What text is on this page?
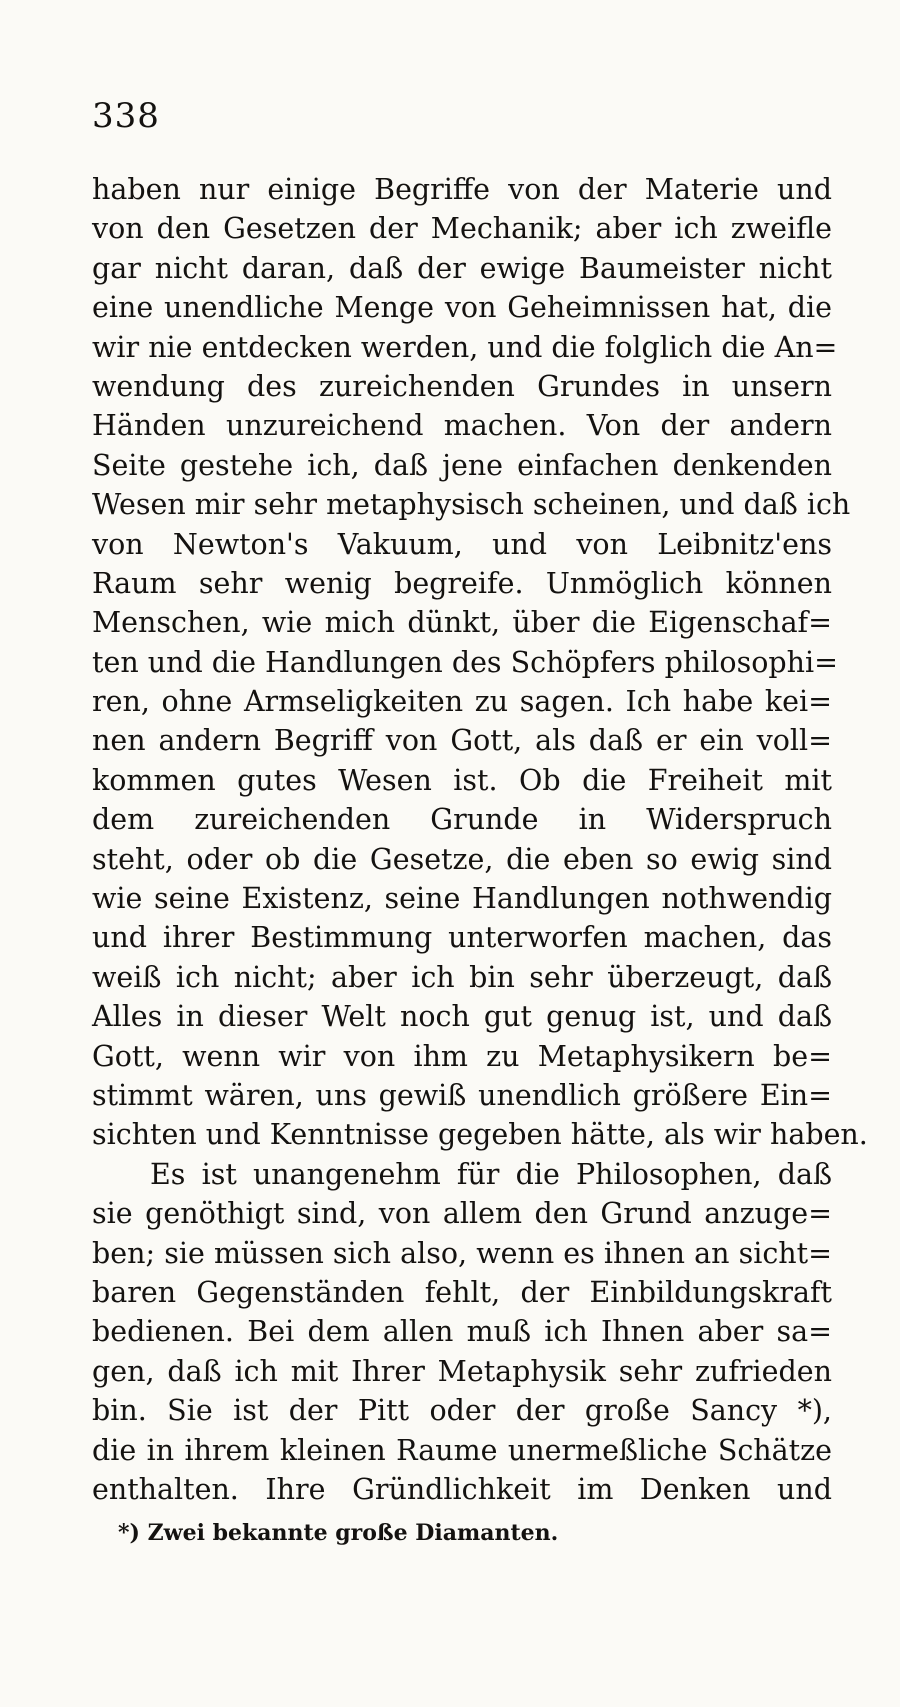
338
haben nur einige Begriffe von der Materie und
von den Gesetzen der Mechanik; aber ich zweifle
gar nicht daran, daß der ewige Baumeister nicht
eine unendliche Menge von Geheimnissen hat, die
wir nie entdecken werden, und die folglich die An=
wendung des zureichenden Grundes in unsern
Händen unzureichend machen. Von der andern
Seite gestehe ich, daß jene einfachen denkenden
Wesen mir sehr metaphysisch scheinen, und daß ich
von Newton's Vakuum, und von Leibnitz'ens
Raum sehr wenig begreife. Unmöglich können
Menschen, wie mich dünkt, über die Eigenschaf=
ten und die Handlungen des Schöpfers philosophi=
ren, ohne Armseligkeiten zu sagen. Ich habe kei=
nen andern Begriff von Gott, als daß er ein voll=
kommen gutes Wesen ist. Ob die Freiheit mit
dem zureichenden Grunde in Widerspruch
steht, oder ob die Gesetze, die eben so ewig sind
wie seine Existenz, seine Handlungen nothwendig
und ihrer Bestimmung unterworfen machen, das
weiß ich nicht; aber ich bin sehr überzeugt, daß
Alles in dieser Welt noch gut genug ist, und daß
Gott, wenn wir von ihm zu Metaphysikern be=
stimmt wären, uns gewiß unendlich größere Ein=
sichten und Kenntnisse gegeben hätte, als wir haben.
Es ist unangenehm für die Philosophen, daß
sie genöthigt sind, von allem den Grund anzuge=
ben; sie müssen sich also, wenn es ihnen an sicht=
baren Gegenständen fehlt, der Einbildungskraft
bedienen. Bei dem allen muß ich Ihnen aber sa=
gen, daß ich mit Ihrer Metaphysik sehr zufrieden
bin. Sie ist der Pitt oder der große Sancy *),
die in ihrem kleinen Raume unermeßliche Schätze
enthalten. Ihre Gründlichkeit im Denken und
*) Zwei bekannte große Diamanten.
